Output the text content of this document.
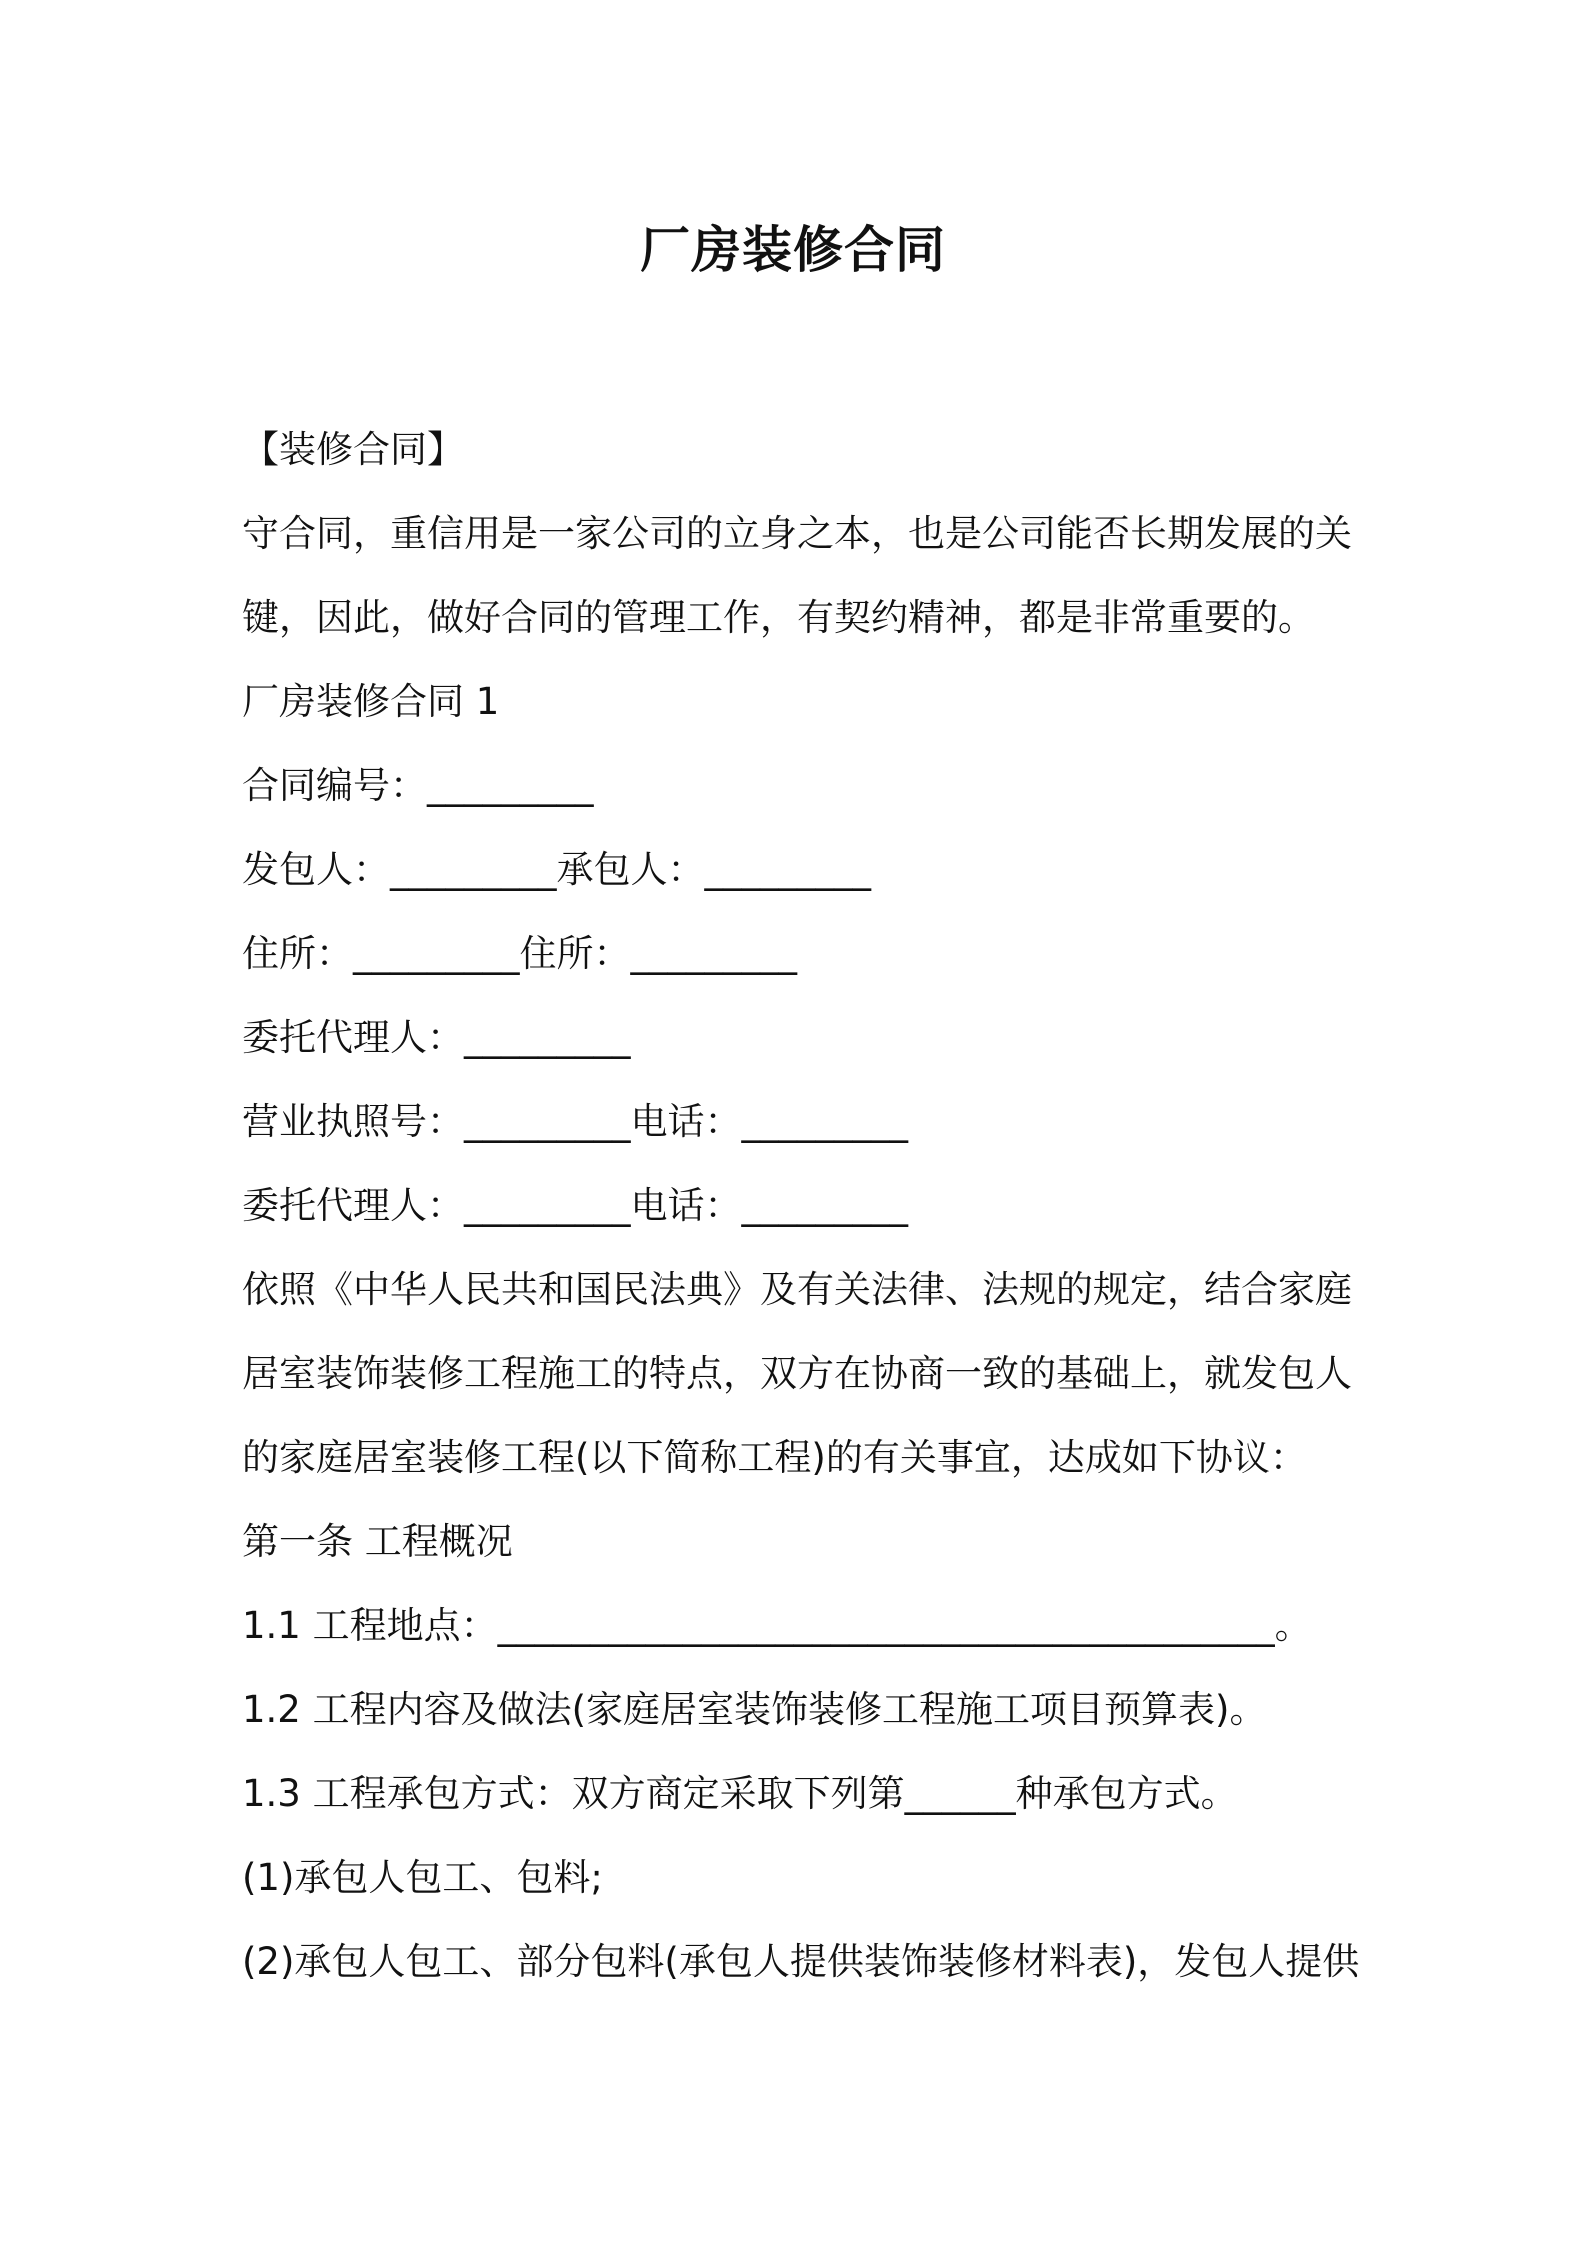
厂房装修合同
【装修合同】
守合同，重信用是一家公司的立身之本，也是公司能否长期发展的关
键，因此，做好合同的管理工作，有契约精神，都是非常重要的。
厂房装修合同 1
合同编号：_________
发包人：_________承包人：_________
住所：_________住所：_________
委托代理人：_________
营业执照号：_________电话：_________
委托代理人：_________电话：_________
依照《中华人民共和国民法典》及有关法律、法规的规定，结合家庭
居室装饰装修工程施工的特点，双方在协商一致的基础上，就发包人
的家庭居室装修工程(以下简称工程)的有关事宜，达成如下协议：
第一条 工程概况
1.1 工程地点：__________________________________________。
1.2 工程内容及做法(家庭居室装饰装修工程施工项目预算表)。
1.3 工程承包方式：双方商定采取下列第______种承包方式。
(1)承包人包工、包料;
(2)承包人包工、部分包料(承包人提供装饰装修材料表)，发包人提供
